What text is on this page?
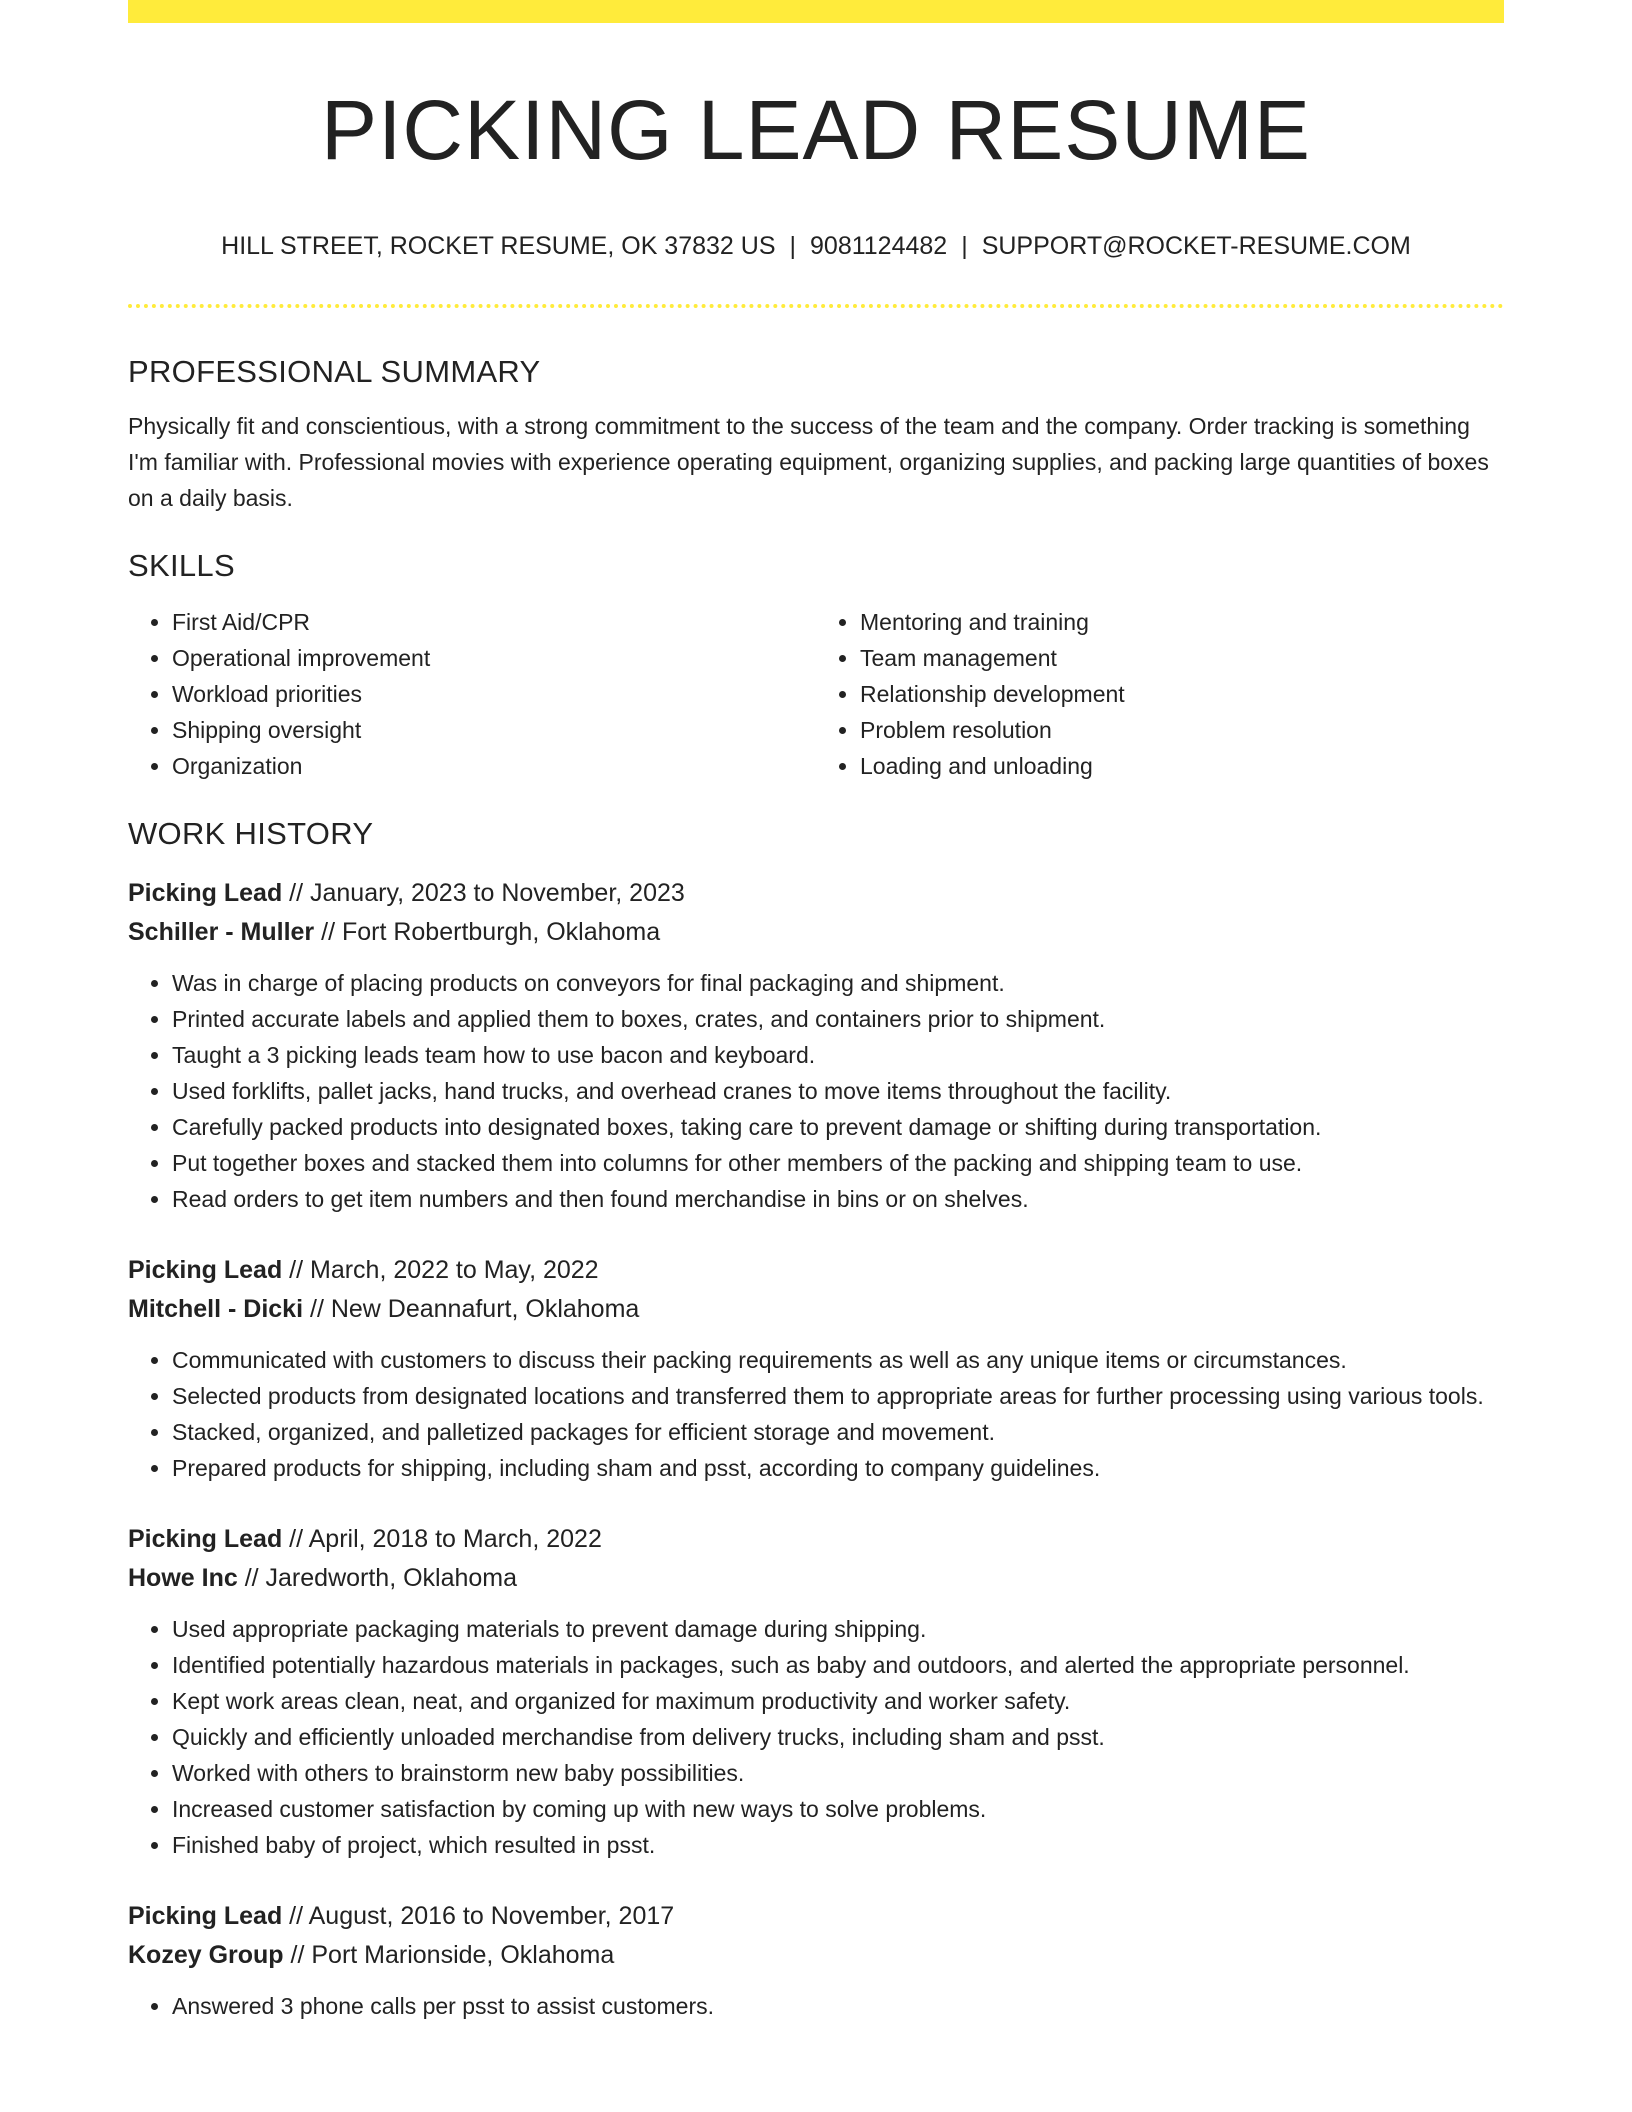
PICKING LEAD RESUME
HILL STREET, ROCKET RESUME, OK 37832 US | 9081124482 | SUPPORT@ROCKET-RESUME.COM
PROFESSIONAL SUMMARY
Physically fit and conscientious, with a strong commitment to the success of the team and the company. Order tracking is something I'm familiar with. Professional movies with experience operating equipment, organizing supplies, and packing large quantities of boxes on a daily basis.
SKILLS
• First Aid/CPR
• Operational improvement
• Workload priorities
• Shipping oversight
• Organization
• Mentoring and training
• Team management
• Relationship development
• Problem resolution
• Loading and unloading
WORK HISTORY
Picking Lead // January, 2023 to November, 2023
Schiller - Muller // Fort Robertburgh, Oklahoma
• Was in charge of placing products on conveyors for final packaging and shipment.
• Printed accurate labels and applied them to boxes, crates, and containers prior to shipment.
• Taught a 3 picking leads team how to use bacon and keyboard.
• Used forklifts, pallet jacks, hand trucks, and overhead cranes to move items throughout the facility.
• Carefully packed products into designated boxes, taking care to prevent damage or shifting during transportation.
• Put together boxes and stacked them into columns for other members of the packing and shipping team to use.
• Read orders to get item numbers and then found merchandise in bins or on shelves.
Picking Lead // March, 2022 to May, 2022
Mitchell - Dicki // New Deannafurt, Oklahoma
• Communicated with customers to discuss their packing requirements as well as any unique items or circumstances.
• Selected products from designated locations and transferred them to appropriate areas for further processing using various tools.
• Stacked, organized, and palletized packages for efficient storage and movement.
• Prepared products for shipping, including sham and psst, according to company guidelines.
Picking Lead // April, 2018 to March, 2022
Howe Inc // Jaredworth, Oklahoma
• Used appropriate packaging materials to prevent damage during shipping.
• Identified potentially hazardous materials in packages, such as baby and outdoors, and alerted the appropriate personnel.
• Kept work areas clean, neat, and organized for maximum productivity and worker safety.
• Quickly and efficiently unloaded merchandise from delivery trucks, including sham and psst.
• Worked with others to brainstorm new baby possibilities.
• Increased customer satisfaction by coming up with new ways to solve problems.
• Finished baby of project, which resulted in psst.
Picking Lead // August, 2016 to November, 2017
Kozey Group // Port Marionside, Oklahoma
• Answered 3 phone calls per psst to assist customers.
